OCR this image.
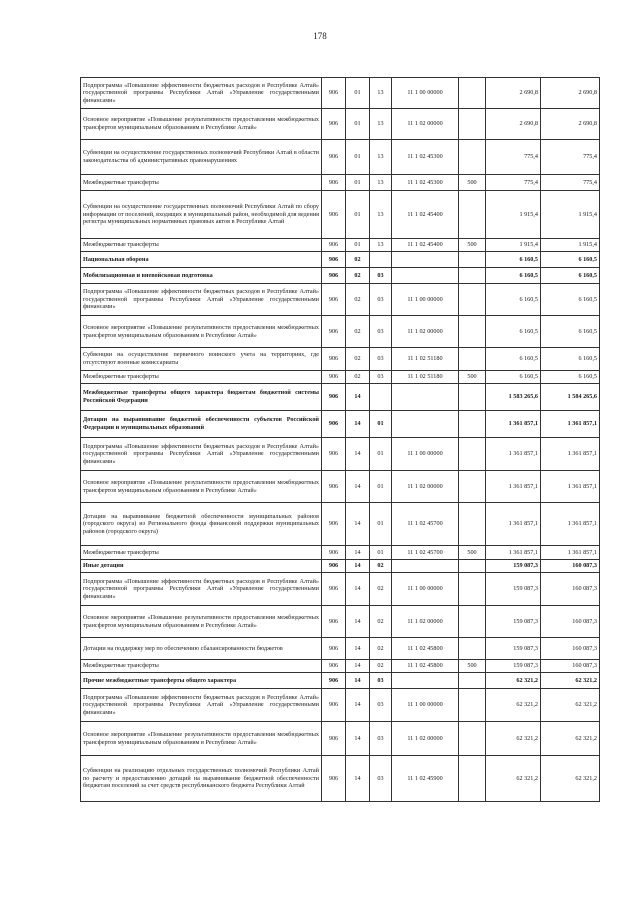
178
Подпрограмма «Повышение эффективности бюджетных расходов в Республике Алтай» государственной программы Республики Алтай «Управление государственными финансами»	906	01	13	11 1 00 00000		2 690,8	2 690,8
Основное мероприятие «Повышение результативности предоставления межбюджетных трансфертов муниципальным образованиям в Республике Алтай»	906	01	13	11 1 02 00000		2 690,8	2 690,8
Субвенции на осуществление государственных полномочий Республики Алтай в области законодательства об административных правонарушениях	906	01	13	11 1 02 45300		775,4	775,4
Межбюджетные трансферты	906	01	13	11 1 02 45300	500	775,4	775,4
Субвенции на осуществление государственных полномочий Республики Алтай по сбору информации от поселений, входящих в муниципальный район, необходимой для ведения регистра муниципальных нормативных правовых актов в Республике Алтай	906	01	13	11 1 02 45400		1 915,4	1 915,4
Межбюджетные трансферты	906	01	13	11 1 02 45400	500	1 915,4	1 915,4
Национальная оборона	906	02				6 160,5	6 160,5
Мобилизационная и вневойсковая подготовка	906	02	03			6 160,5	6 160,5
Подпрограмма «Повышение эффективности бюджетных расходов в Республике Алтай» государственной программы Республики Алтай «Управление государственными финансами»	906	02	03	11 1 00 00000		6 160,5	6 160,5
Основное мероприятие «Повышение результативности предоставления межбюджетных трансфертов муниципальным образованиям в Республике Алтай»	906	02	03	11 1 02 00000		6 160,5	6 160,5
Субвенции на осуществление первичного воинского учета на территориях, где отсутствуют военные комиссариаты	906	02	03	11 1 02 51180		6 160,5	6 160,5
Межбюджетные трансферты	906	02	03	11 1 02 51180	500	6 160,5	6 160,5
Межбюджетные трансферты общего характера бюджетам бюджетной системы Российской Федерации	906	14				1 583 265,6	1 584 265,6
Дотации на выравнивание бюджетной обеспеченности субъектов Российской Федерации и муниципальных образований	906	14	01			1 361 857,1	1 361 857,1
Подпрограмма «Повышение эффективности бюджетных расходов в Республике Алтай» государственной программы Республики Алтай «Управление государственными финансами»	906	14	01	11 1 00 00000		1 361 857,1	1 361 857,1
Основное мероприятие «Повышение результативности предоставления межбюджетных трансфертов муниципальным образованиям в Республике Алтай»	906	14	01	11 1 02 00000		1 361 857,1	1 361 857,1
Дотации на выравнивание бюджетной обеспеченности муниципальных районов (городского округа) из Регионального фонда финансовой поддержки муниципальных районов (городского округа)	906	14	01	11 1 02 45700		1 361 857,1	1 361 857,1
Межбюджетные трансферты	906	14	01	11 1 02 45700	500	1 361 857,1	1 361 857,1
Иные дотации	906	14	02			159 087,3	160 087,3
Подпрограмма «Повышение эффективности бюджетных расходов в Республике Алтай» государственной программы Республики Алтай «Управление государственными финансами»	906	14	02	11 1 00 00000		159 087,3	160 087,3
Основное мероприятие «Повышение результативности предоставления межбюджетных трансфертов муниципальным образованиям в Республике Алтай»	906	14	02	11 1 02 00000		159 087,3	160 087,3
Дотации на поддержку мер по обеспечению сбалансированности бюджетов	906	14	02	11 1 02 45800		159 087,3	160 087,3
Межбюджетные трансферты	906	14	02	11 1 02 45800	500	159 087,3	160 087,3
Прочие межбюджетные трансферты общего характера	906	14	03			62 321,2	62 321,2
Подпрограмма «Повышение эффективности бюджетных расходов в Республике Алтай» государственной программы Республики Алтай «Управление государственными финансами»	906	14	03	11 1 00 00000		62 321,2	62 321,2
Основное мероприятие «Повышение результативности предоставления межбюджетных трансфертов муниципальным образованиям в Республике Алтай»	906	14	03	11 1 02 00000		62 321,2	62 321,2
Субвенции на реализацию отдельных государственных полномочий Республики Алтай по расчету и предоставлению дотаций на выравнивание бюджетной обеспеченности бюджетам поселений за счет средств республиканского бюджета Республики Алтай	906	14	03	11 1 02 45900		62 321,2	62 321,2
